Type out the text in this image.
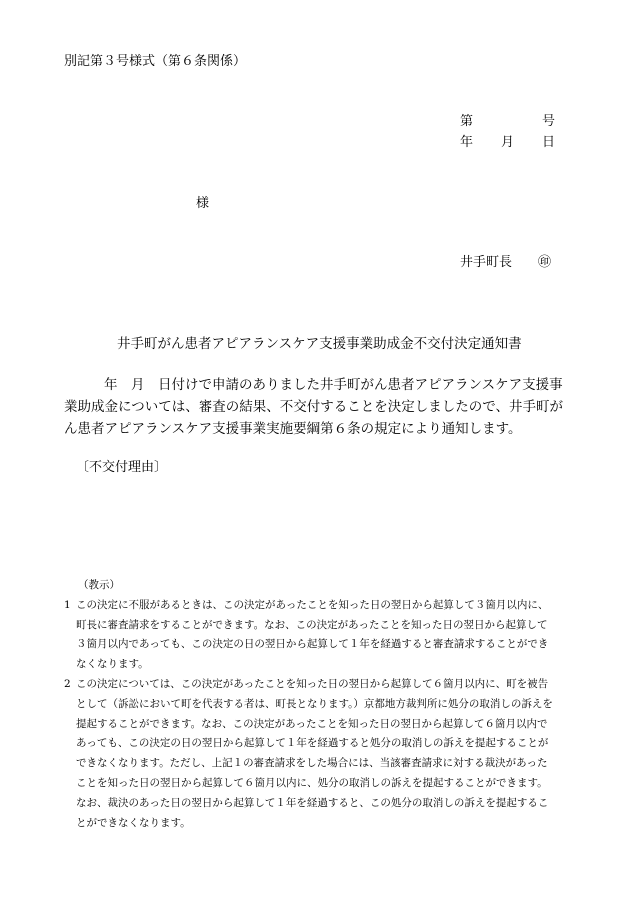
別記第３号様式（第６条関係）
第	号
年 月 日
様
井手町長 ㊞
井手町がん患者アピアランスケア支援事業助成金不交付決定通知書
年　月　日付けで申請のありました井手町がん患者アピアランスケア支援事業助成金については、審査の結果、不交付することを決定しましたので、井手町がん患者アピアランスケア支援事業実施要綱第６条の規定により通知します。
〔不交付理由〕
（教示）
1 この決定に不服があるときは、この決定があったことを知った日の翌日から起算して３箇月以内に、町長に審査請求をすることができます。なお、この決定があったことを知った日の翌日から起算して３箇月以内であっても、この決定の日の翌日から起算して１年を経過すると審査請求することができなくなります。
2 この決定については、この決定があったことを知った日の翌日から起算して６箇月以内に、町を被告として（訴訟において町を代表する者は、町長となります。）京都地方裁判所に処分の取消しの訴えを提起することができます。なお、この決定があったことを知った日の翌日から起算して６箇月以内であっても、この決定の日の翌日から起算して１年を経過すると処分の取消しの訴えを提起することができなくなります。ただし、上記１の審査請求をした場合には、当該審査請求に対する裁決があったことを知った日の翌日から起算して６箇月以内に、処分の取消しの訴えを提起することができます。なお、裁決のあった日の翌日から起算して１年を経過すると、この処分の取消しの訴えを提起することができなくなります。
